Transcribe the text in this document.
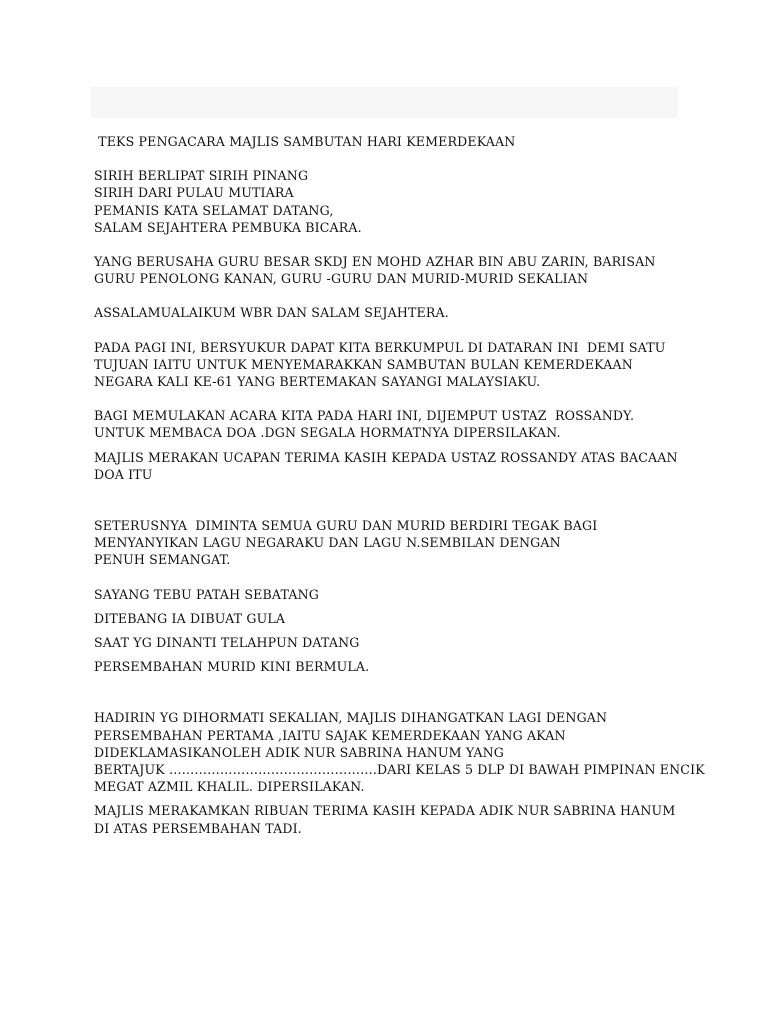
TEKS PENGACARA MAJLIS SAMBUTAN HARI KEMERDEKAAN

SIRIH BERLIPAT SIRIH PINANG

SIRIH DARI PULAU MUTIARA

PEMANIS KATA SELAMAT DATANG,

SALAM SEJAHTERA PEMBUKA BICARA.

YANG BERUSAHA GURU BESAR SKDJ EN MOHD AZHAR BIN ABU ZARIN, BARISAN

GURU PENOLONG KANAN, GURU -GURU DAN MURID-MURID SEKALIAN

ASSALAMUALAIKUM WBR DAN SALAM SEJAHTERA.

PADA PAGI INI, BERSYUKUR DAPAT KITA BERKUMPUL DI DATARAN INI  DEMI SATU

TUJUAN IAITU UNTUK MENYEMARAKKAN SAMBUTAN BULAN KEMERDEKAAN

NEGARA KALI KE-61 YANG BERTEMAKAN SAYANGI MALAYSIAKU.

BAGI MEMULAKAN ACARA KITA PADA HARI INI, DIJEMPUT USTAZ  ROSSANDY.

UNTUK MEMBACA DOA .DGN SEGALA HORMATNYA DIPERSILAKAN.

MAJLIS MERAKAN UCAPAN TERIMA KASIH KEPADA USTAZ ROSSANDY ATAS BACAAN

DOA ITU

SETERUSNYA  DIMINTA SEMUA GURU DAN MURID BERDIRI TEGAK BAGI

MENYANYIKAN LAGU NEGARAKU DAN LAGU N.SEMBILAN DENGAN

PENUH SEMANGAT.

SAYANG TEBU PATAH SEBATANG

DITEBANG IA DIBUAT GULA

SAAT YG DINANTI TELAHPUN DATANG

PERSEMBAHAN MURID KINI BERMULA.

HADIRIN YG DIHORMATI SEKALIAN, MAJLIS DIHANGATKAN LAGI DENGAN

PERSEMBAHAN PERTAMA ,IAITU SAJAK KEMERDEKAAN YANG AKAN

DIDEKLAMASIKANOLEH ADIK NUR SABRINA HANUM YANG

BERTAJUK ………………………………………….DARI KELAS 5 DLP DI BAWAH PIMPINAN ENCIK

MEGAT AZMIL KHALIL. DIPERSILAKAN.

MAJLIS MERAKAMKAN RIBUAN TERIMA KASIH KEPADA ADIK NUR SABRINA HANUM

DI ATAS PERSEMBAHAN TADI.
